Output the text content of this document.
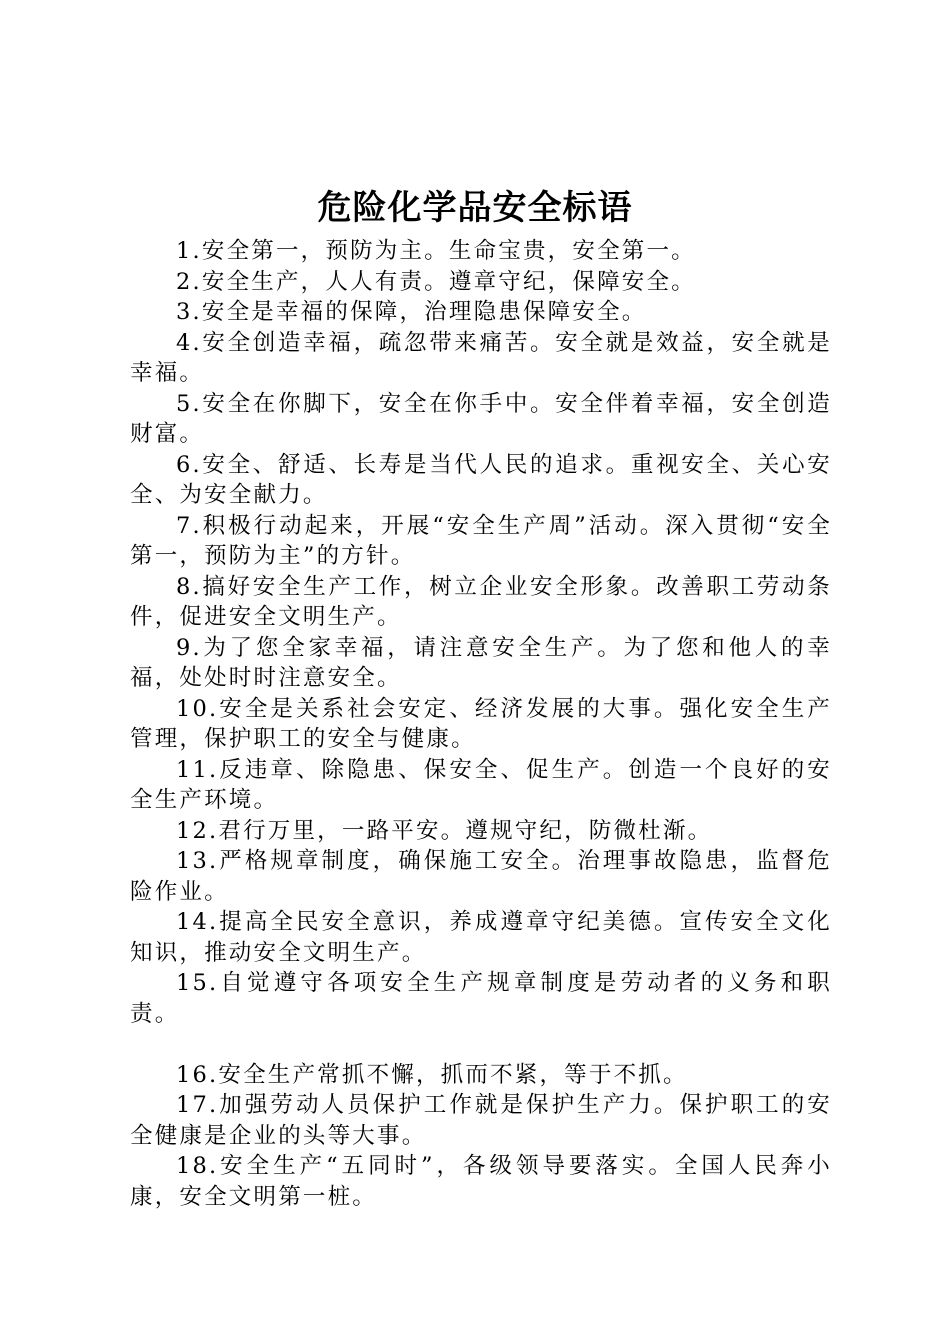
危险化学品安全标语

1.安全第一，预防为主。生命宝贵，安全第一。

2.安全生产，人人有责。遵章守纪，保障安全。

3.安全是幸福的保障，治理隐患保障安全。

4.安全创造幸福，疏忽带来痛苦。安全就是效益，安全就是幸福。

5.安全在你脚下，安全在你手中。安全伴着幸福，安全创造财富。

6.安全、舒适、长寿是当代人民的追求。重视安全、关心安全、为安全献力。

7.积极行动起来，开展“安全生产周”活动。深入贯彻“安全第一，预防为主”的方针。

8.搞好安全生产工作，树立企业安全形象。改善职工劳动条件，促进安全文明生产。

9.为了您全家幸福，请注意安全生产。为了您和他人的幸福，处处时时注意安全。

10.安全是关系社会安定、经济发展的大事。强化安全生产管理，保护职工的安全与健康。

11.反违章、除隐患、保安全、促生产。创造一个良好的安全生产环境。

12.君行万里，一路平安。遵规守纪，防微杜渐。

13.严格规章制度，确保施工安全。治理事故隐患，监督危险作业。

14.提高全民安全意识，养成遵章守纪美德。宣传安全文化知识，推动安全文明生产。

15.自觉遵守各项安全生产规章制度是劳动者的义务和职责。

16.安全生产常抓不懈，抓而不紧，等于不抓。

17.加强劳动人员保护工作就是保护生产力。保护职工的安全健康是企业的头等大事。

18.安全生产“五同时”，各级领导要落实。全国人民奔小康，安全文明第一桩。
